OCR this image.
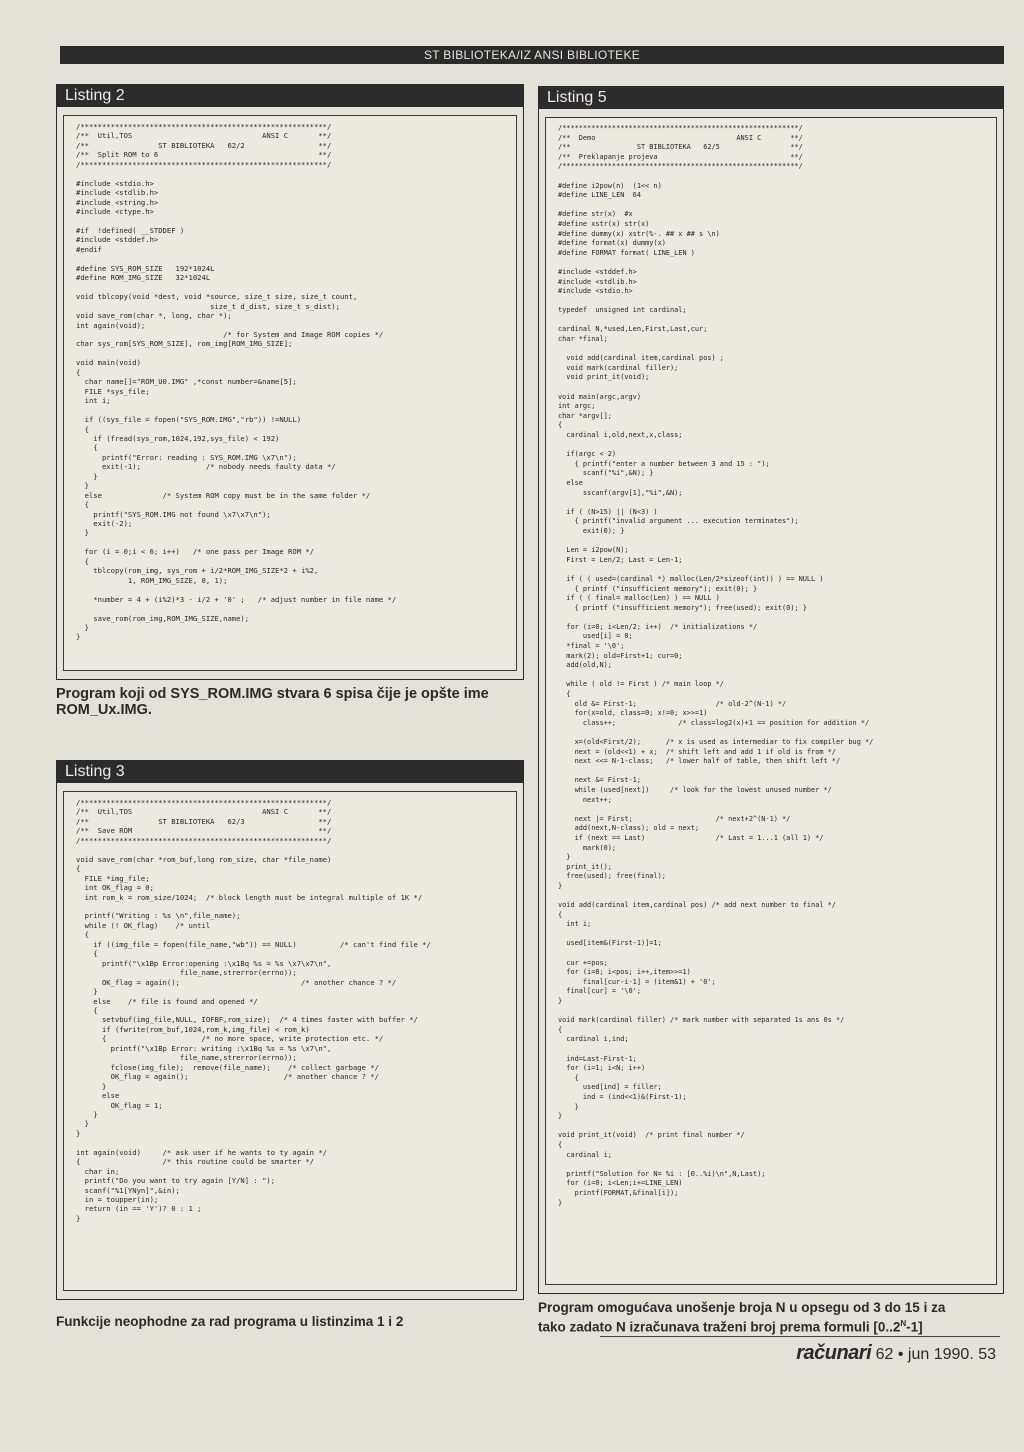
ST BIBLIOTEKA/IZ ANSI BIBLIOTEKE
Listing 2
/*********************************************************/
/**  Util,TOS                              ANSI C       **/
/**                ST BIBLIOTEKA   62/2                 **/
/**  Split ROM to 6                                     **/
/*********************************************************/

#include <stdio.h>
#include <stdlib.h>
#include <string.h>
#include <ctype.h>

#if  !defined( __STDDEF )
#include <stddef.h>
#endif

#define SYS_ROM_SIZE   192*1024L
#define ROM_IMG_SIZE   32*1024L

void tblcopy(void *dest, void *source, size_t size, size_t count,
size_t d_dist, size_t s_dist);
void save_rom(char *, long, char *);
int again(void);
/* for System and Image ROM copies */
char sys_rom[SYS_ROM_SIZE], rom_img[ROM_IMG_SIZE];

void main(void)
{
char name[]="ROM_U0.IMG" ,*const number=&name[5];
FILE *sys_file;
int i;

if ((sys_file = fopen("SYS_ROM.IMG","rb")) !=NULL)
{
if (fread(sys_rom,1024,192,sys_file) < 192)
{
printf("Error: reading : SYS_ROM.IMG \x7\n");
exit(-1);               /* nobody needs faulty data */
}
}
else              /* System ROM copy must be in the same folder */
{
printf("SYS_ROM.IMG not found \x7\x7\n");
exit(-2);
}

for (i = 0;i < 6; i++)   /* one pass per Image ROM */
{
tblcopy(rom_img, sys_rom + i/2*ROM_IMG_SIZE*2 + i%2,
1, ROM_IMG_SIZE, 0, 1);

*number = 4 + (i%2)*3 - i/2 + '0' ;   /* adjust number in file name */

save_rom(rom_img,ROM_IMG_SIZE,name);
}
}
Program koji od SYS_ROM.IMG stvara 6 spisa čije je opšte ime ROM_Ux.IMG.
Listing 3
/*********************************************************/
/**  Util,TOS                              ANSI C       **/
/**                ST BIBLIOTEKA   62/3                 **/
/**  Save ROM                                           **/
/*********************************************************/

void save_rom(char *rom_buf,long rom_size, char *file_name)
{
FILE *img_file;
int OK_flag = 0;
int rom_k = rom_size/1024;  /* block length must be integral multiple of 1K */

printf("Writing : %s \n",file_name);
while (! OK_flag)    /* until
{
if ((img_file = fopen(file_name,"wb")) == NULL)          /* can't find file */
{
printf("\x1Bp Error:opening :\x1Bq %s = %s \x7\x7\n",
file_name,strerror(errno));
OK_flag = again();                            /* another chance ? */
}
else    /* file is found and opened */
{
setvbuf(img_file,NULL, IOFBF,rom_size);  /* 4 times faster with buffer */
if (fwrite(rom_buf,1024,rom_k,img_file) < rom_k)
{                      /* no more space, write protection etc. */
printf("\x1Bp Error: writing :\x1Bq %s = %s \x7\n",
file_name,strerror(errno));
fclose(img_file);  remove(file_name);    /* collect garbage */
OK_flag = again();                      /* another chance ? */
}
else
OK_flag = 1;
}
}
}

int again(void)     /* ask user if he wants to ty again */
{                   /* this routine could be smarter */
char in;
printf("Do you want to try again [Y/N] : ");
scanf("%1[YNyn]",&in);
in = toupper(in);
return (in == 'Y')? 0 : 1 ;
}
Funkcije neophodne za rad programa u listinzima 1 i 2
Listing 5
/*********************************************************/
/**  Demo                                  ANSI C       **/
/**                ST BIBLIOTEKA   62/5                 **/
/**  Preklapanje projeva                                **/
/*********************************************************/

#define i2pow(n)  (1<< n)
#define LINE_LEN  64

#define str(x)  #x
#define xstr(x) str(x)
#define dummy(x) xstr(%-. ## x ## s \n)
#define format(x) dummy(x)
#define FORMAT format( LINE_LEN )

#include <stddef.h>
#include <stdlib.h>
#include <stdio.h>

typedef  unsigned int cardinal;

cardinal N,*used,Len,First,Last,cur;
char *final;

void add(cardinal item,cardinal pos) ;
void mark(cardinal filler);
void print_it(void);

void main(argc,argv)
int argc;
char *argv[];
{
cardinal i,old,next,x,class;

if(argc < 2)
{ printf("enter a number between 3 and 15 : ");
scanf("%i",&N); }
else
sscanf(argv[1],"%i",&N);

if ( (N>15) || (N<3) )
{ printf("invalid argument ... execution terminates");
exit(0); }

Len = i2pow(N);
First = Len/2; Last = Len-1;

if ( ( used=(cardinal *) malloc(Len/2*sizeof(int)) ) == NULL )
{ printf ("insufficient memory"); exit(0); }
if ( ( final= malloc(Len) ) == NULL )
{ printf ("insufficient memory"); free(used); exit(0); }

for (i=0; i<Len/2; i++)  /* initializations */
used[i] = 0;
*final = '\0';
mark(2); old=First+1; cur=0;
add(old,N);

while ( old != First ) /* main loop */
{
old &= First-1;                   /* old-2^(N-1) */
for(x=old, class=0; x!=0; x>>=1)
class++;               /* class=log2(x)+1 == position for addition */

x=(old<First/2);      /* x is used as intermediar to fix compiler bug */
next = (old<<1) + x;  /* shift left and add 1 if old is from */
next <<= N-1-class;   /* lower half of table, then shift left */

next &= First-1;
while (used[next])     /* look for the lowest unused number */
next++;

next |= First;                    /* next+2^(N-1) */
add(next,N-class); old = next;
if (next == Last)                 /* Last = 1...1 (all 1) */
mark(0);
}
print_it();
free(used); free(final);
}

void add(cardinal item,cardinal pos) /* add next number to final */
{
int i;

used[item&(First-1)]=1;

cur +=pos;
for (i=0; i<pos; i++,item>>=1)
final[cur-i-1] = (item&1) + '0';
final[cur] = '\0';
}

void mark(cardinal filler) /* mark number with separated 1s ans 0s */
{
cardinal i,ind;

ind=Last-First-1;
for (i=1; i<N; i++)
{
used[ind] = filler;
ind = (ind<<1)&(First-1);
}
}

void print_it(void)  /* print final number */
{
cardinal i;

printf("Solution for N= %i : [0..%i)\n",N,Last);
for (i=0; i<Len;i+=LINE_LEN)
printf(FORMAT,&final[i]);
}
Program omogućava unošenje broja N u opsegu od 3 do 15 i za
tako zadato N izračunava traženi broj prema formuli $[0..2^N-1]$
računari 62 • jun 1990. 53
